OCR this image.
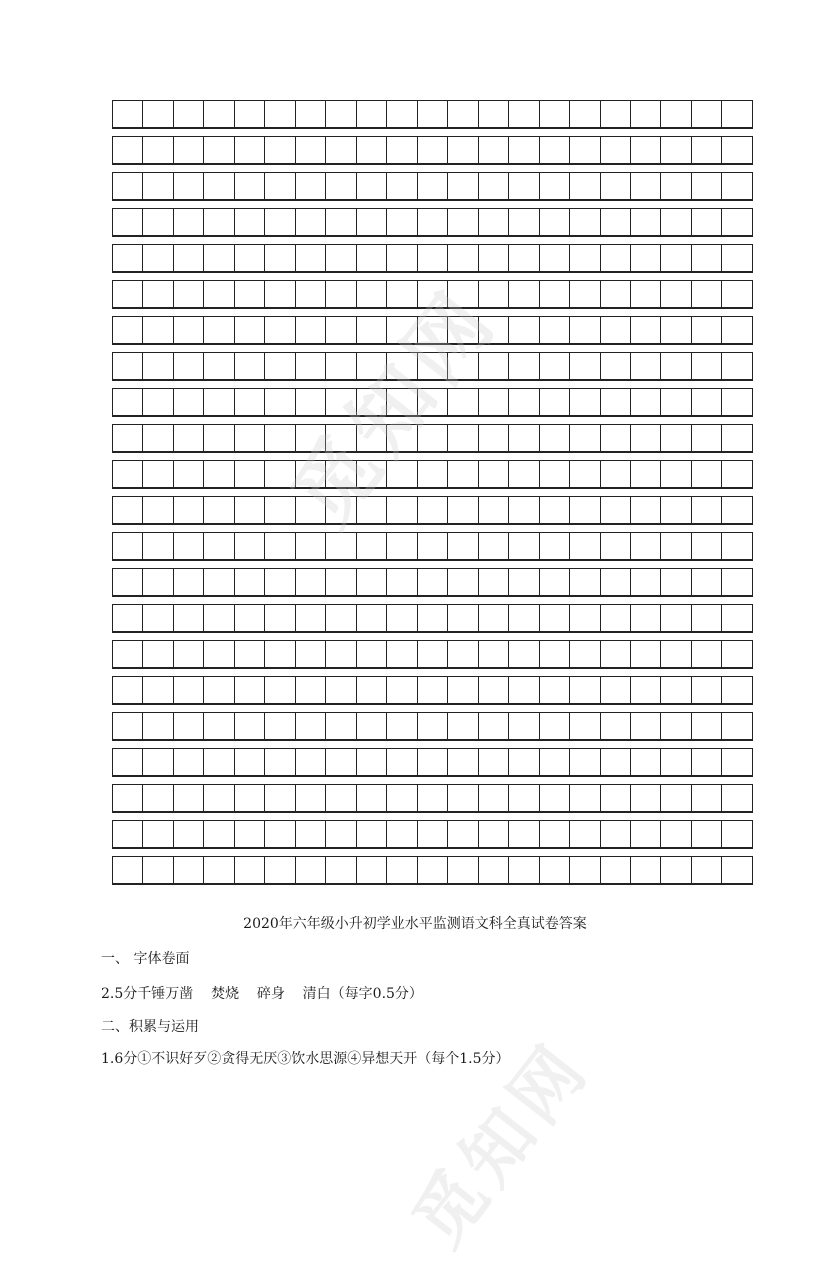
觅知网
觅知网
2020年六年级小升初学业水平监测语文科全真试卷答案
一、 字体卷面
2.5分千锤万凿    焚烧    碎身    清白（每字0.5分）
二、积累与运用
1.6分①不识好歹②贪得无厌③饮水思源④异想天开（每个1.5分）
